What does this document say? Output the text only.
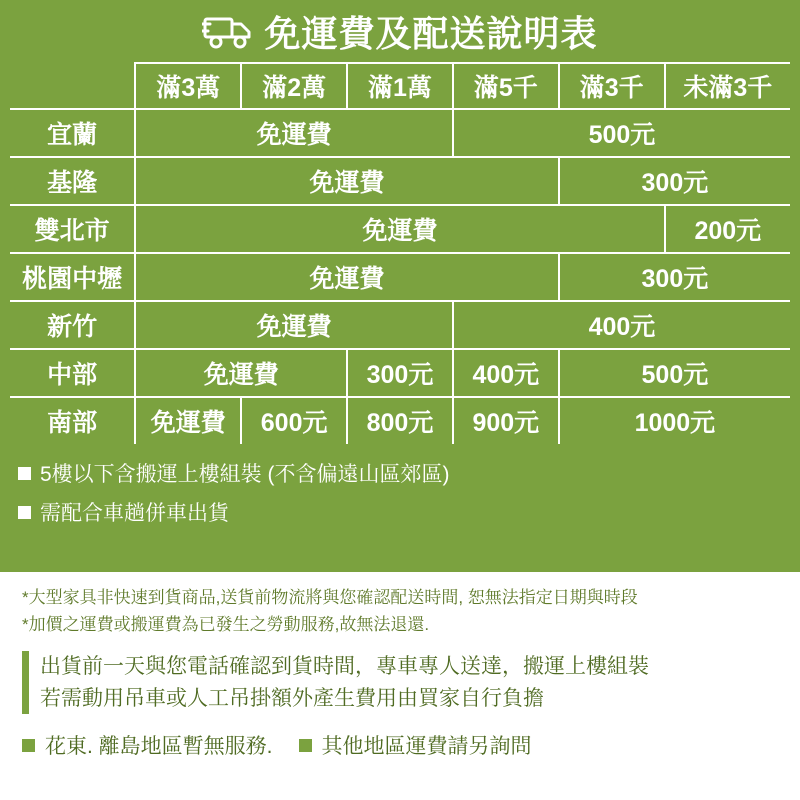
免運費及配送說明表
	滿3萬	滿2萬	滿1萬	滿5千	滿3千	未滿3千
宜蘭	免運費			500元		
基隆	免運費				300元	
雙北市	免運費					200元
桃園中壢	免運費				300元	
新竹	免運費			400元		
中部	免運費		300元	400元	500元	
南部	免運費	600元	800元	900元	1000元	
5樓以下含搬運上樓組裝 (不含偏遠山區郊區)
需配合車趟併車出貨

*大型家具非快速到貨商品,送貨前物流將與您確認配送時間, 恕無法指定日期與時段

*加價之運費或搬運費為已發生之勞動服務,故無法退還.

出貨前一天與您電話確認到貨時間，專車專人送達，搬運上樓組裝
若需動用吊車或人工吊掛額外產生費用由買家自行負擔
花東. 離島地區暫無服務. 其他地區運費請另詢問
